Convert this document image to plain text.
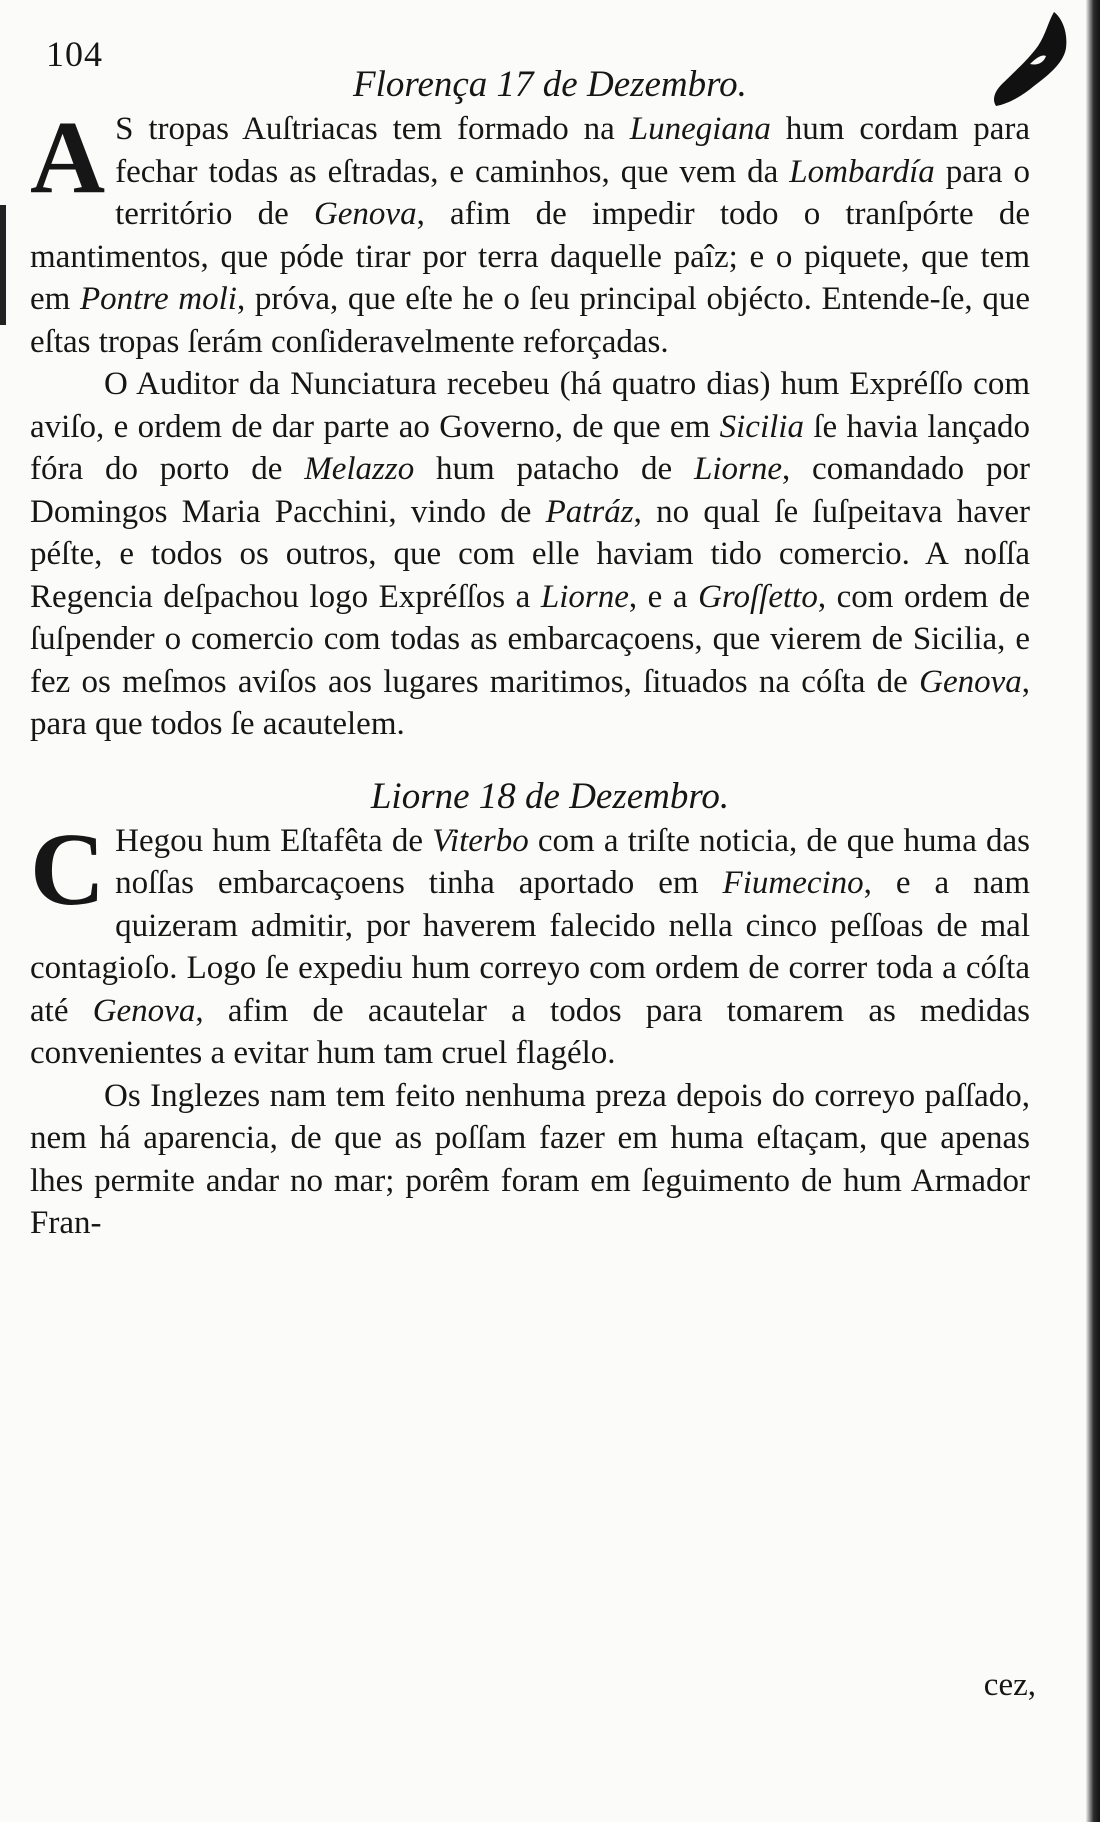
104
Florença 17 de Dezembro.

A S tropas Auſtriacas tem formado na Lunegiana hum cordam para fechar todas as eſtradas, e caminhos, que vem da Lombardía para o território de Genova, afim de impedir todo o tranſpórte de mantimentos, que póde tirar por terra daquelle paîz; e o piquete, que tem em Pontre moli, próva, que eſte he o ſeu principal objécto. Entende-ſe, que eſtas tropas ſerám conſideravelmente reforçadas.

O Auditor da Nunciatura recebeu (há quatro dias) hum Expréſſo com aviſo, e ordem de dar parte ao Governo, de que em Sicilia ſe havia lançado fóra do porto de Melazzo hum patacho de Liorne, comandado por Domingos Maria Pacchini, vindo de Patráz, no qual ſe ſuſpeitava haver péſte, e todos os outros, que com elle haviam tido comercio. A noſſa Regencia deſpachou logo Expréſſos a Liorne, e a Groſſetto, com ordem de ſuſpender o comercio com todas as embarcaçoens, que vierem de Sicilia, e fez os meſmos aviſos aos lugares maritimos, ſituados na cóſta de Genova, para que todos ſe acautelem.

Liorne 18 de Dezembro.

C Hegou hum Eſtafêta de Viterbo com a triſte noticia, de que huma das noſſas embarcaçoens tinha aportado em Fiumecino, e a nam quizeram admitir, por haverem falecido nella cinco peſſoas de mal contagioſo. Logo ſe expediu hum correyo com ordem de correr toda a cóſta até Genova, afim de acautelar a todos para tomarem as medidas convenientes a evitar hum tam cruel flagélo.

Os Inglezes nam tem feito nenhuma preza depois do correyo paſſado, nem há aparencia, de que as poſſam fazer em huma eſtaçam, que apenas lhes permite andar no mar; porêm foram em ſeguimento de hum Armador Fran-

cez,
